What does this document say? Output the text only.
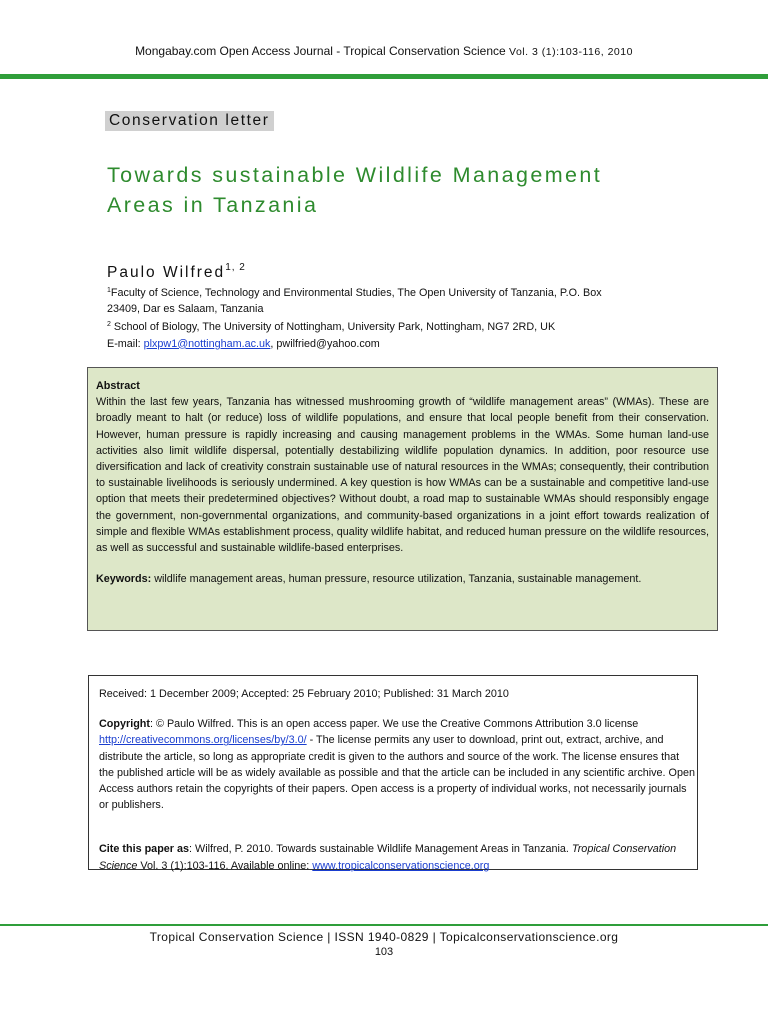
Mongabay.com Open Access Journal - Tropical Conservation Science Vol. 3 (1):103-116, 2010
Conservation letter
Towards sustainable Wildlife Management
Areas in Tanzania
Paulo Wilfred$^{1, 2}$
$^1$Faculty of Science, Technology and Environmental Studies, The Open University of Tanzania, P.O. Box
23409, Dar es Salaam, Tanzania
$^2$ School of Biology, The University of Nottingham, University Park, Nottingham, NG7 2RD, UK
E-mail: plxpw1@nottingham.ac.uk, pwilfried@yahoo.com
Abstract
Within the last few years, Tanzania has witnessed mushrooming growth of “wildlife management areas” (WMAs). These are broadly meant to halt (or reduce) loss of wildlife populations, and ensure that local people benefit from their conservation. However, human pressure is rapidly increasing and causing management problems in the WMAs. Some human land-use activities also limit wildlife dispersal, potentially destabilizing wildlife population dynamics. In addition, poor resource use diversification and lack of creativity constrain sustainable use of natural resources in the WMAs; consequently, their contribution to sustainable livelihoods is seriously undermined. A key question is how WMAs can be a sustainable and competitive land-use option that meets their predetermined objectives? Without doubt, a road map to sustainable WMAs should responsibly engage the government, non-governmental organizations, and community-based organizations in a joint effort towards realization of simple and flexible WMAs establishment process, quality wildlife habitat, and reduced human pressure on the wildlife resources, as well as successful and sustainable wildlife-based enterprises.
Keywords: wildlife management areas, human pressure, resource utilization, Tanzania, sustainable management.
Received: 1 December 2009; Accepted: 25 February 2010; Published: 31 March 2010
Copyright: © Paulo Wilfred. This is an open access paper. We use the Creative Commons Attribution 3.0 license http://creativecommons.org/licenses/by/3.0/ - The license permits any user to download, print out, extract, archive, and distribute the article, so long as appropriate credit is given to the authors and source of the work. The license ensures that the published article will be as widely available as possible and that the article can be included in any scientific archive. Open Access authors retain the copyrights of their papers. Open access is a property of individual works, not necessarily journals or publishers.
Cite this paper as: Wilfred, P. 2010. Towards sustainable Wildlife Management Areas in Tanzania. Tropical Conservation Science Vol. 3 (1):103-116. Available online: www.tropicalconservationscience.org
Tropical Conservation Science | ISSN 1940-0829 | Topicalconservationscience.org
103
